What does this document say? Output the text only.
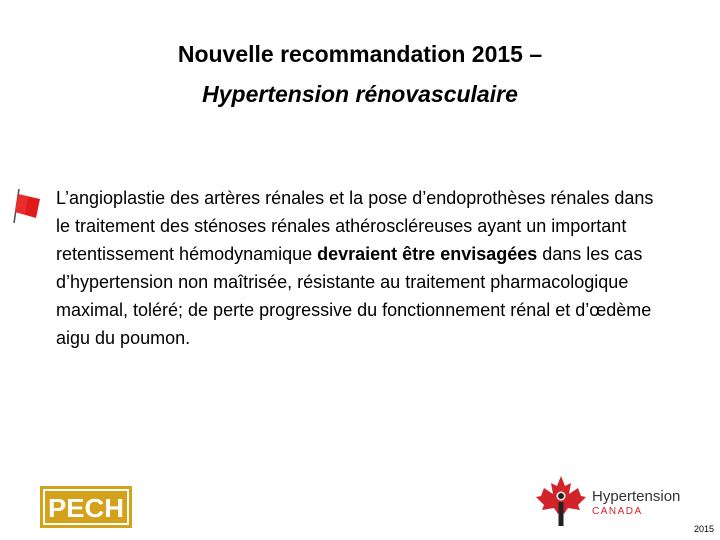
Nouvelle recommandation 2015 –
Hypertension rénovasculaire

L’angioplastie des artères rénales et la pose d’endoprothèses rénales dans le traitement des sténoses rénales athéroscléreuses ayant un important retentissement hémodynamique devraient être envisagées dans les cas d’hypertension non maîtrisée, résistante au traitement pharmacologique maximal, toléré; de perte progressive du fonctionnement rénal et d’œdème aigu du poumon.

PECH	Hypertension
CANADA
2015
